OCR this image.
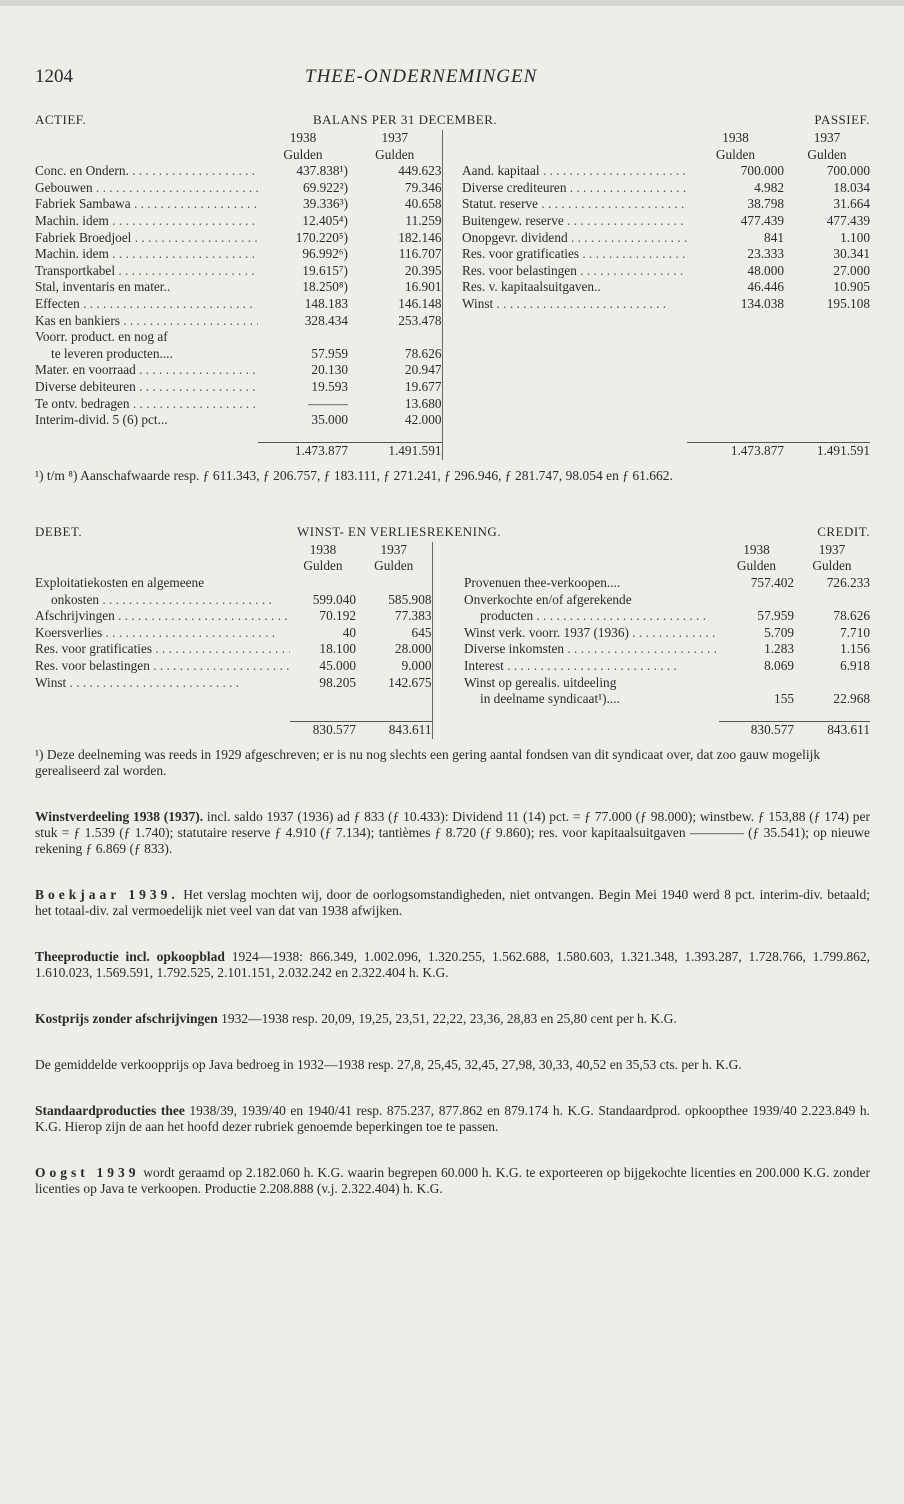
1204	THEE-ONDERNEMINGEN
ACTIEF.	BALANS PER 31 DECEMBER.	PASSIEF.
	1938	1937			1938	1937
	Gulden	Gulden			Gulden	Gulden
Conc. en Ondern. . . .	437.838¹)	449.623		Aand. kapitaal . . .	700.000	700.000
Gebouwen . . .	69.922²)	79.346		Diverse crediteuren . . .	4.982	18.034
Fabriek Sambawa . . .	39.336³)	40.658		Statut. reserve . . .	38.798	31.664
Machin. idem . . .	12.405⁴)	11.259		Buitengew. reserve . . .	477.439	477.439
Fabriek Broedjoel . . .	170.220⁵)	182.146		Onopgevr. dividend . . .	841	1.100
Machin. idem . . .	96.992⁶)	116.707		Res. voor gratificaties . . .	23.333	30.341
Transportkabel . . .	19.615⁷)	20.395		Res. voor belastingen . . .	48.000	27.000
Stal, inventaris en mater..	18.250⁸)	16.901		Res. v. kapitaalsuitgaven..	46.446	10.905
Effecten . . .	148.183	146.148		Winst . . .	134.038	195.108
Kas en bankiers . . .	328.434	253.478				
Voorr. product. en nog af						
te leveren producten....	57.959	78.626				
Mater. en voorraad . . .	20.130	20.947				
Diverse debiteuren . . .	19.593	19.677				
Te ontv. bedragen . . .	———	13.680				
Interim-divid. 5 (6) pct...	35.000	42.000				

	1.473.877	1.491.591			1.473.877	1.491.591
¹) t/m ⁸) Aanschafwaarde resp. ƒ 611.343, ƒ 206.757, ƒ 183.111, ƒ 271.241, ƒ 296.946, ƒ 281.747, 98.054 en ƒ 61.662.
DEBET.	WINST- EN VERLIESREKENING.	CREDIT.
	1938	1937			1938	1937
	Gulden	Gulden			Gulden	Gulden
Exploitatiekosten en algemeene				Provenuen thee-verkoopen....	757.402	726.233
onkosten . . .	599.040	585.908		Onverkochte en/of afgerekende		
Afschrijvingen . . .	70.192	77.383		producten . . .	57.959	78.626
Koersverlies . . .	40	645		Winst verk. voorr. 1937 (1936) . . .	5.709	7.710
Res. voor gratificaties . . .	18.100	28.000		Diverse inkomsten . . .	1.283	1.156
Res. voor belastingen . . .	45.000	9.000		Interest . . .	8.069	6.918
Winst . . .	98.205	142.675		Winst op gerealis. uitdeeling		
				in deelname syndicaat¹)....	155	22.968

	830.577	843.611			830.577	843.611
¹) Deze deelneming was reeds in 1929 afgeschreven; er is nu nog slechts een gering aantal fondsen van dit syndicaat over, dat zoo gauw mogelijk gerealiseerd zal worden.
Winstverdeeling 1938 (1937). incl. saldo 1937 (1936) ad ƒ 833 (ƒ 10.433): Dividend 11 (14) pct. = ƒ 77.000 (ƒ 98.000); winstbew. ƒ 153,88 (ƒ 174) per stuk = ƒ 1.539 (ƒ 1.740); statutaire reserve ƒ 4.910 (ƒ 7.134); tantièmes ƒ 8.720 (ƒ 9.860); res. voor kapitaalsuitgaven ———— (ƒ 35.541); op nieuwe rekening ƒ 6.869 (ƒ 833).
Boekjaar 1939. Het verslag mochten wij, door de oorlogsomstandigheden, niet ontvangen. Begin Mei 1940 werd 8 pct. interim-div. betaald; het totaal-div. zal vermoedelijk niet veel van dat van 1938 afwijken.
Theeproductie incl. opkoopblad 1924—1938: 866.349, 1.002.096, 1.320.255, 1.562.688, 1.580.603, 1.321.348, 1.393.287, 1.728.766, 1.799.862, 1.610.023, 1.569.591, 1.792.525, 2.101.151, 2.032.242 en 2.322.404 h. K.G.
Kostprijs zonder afschrijvingen 1932—1938 resp. 20,09, 19,25, 23,51, 22,22, 23,36, 28,83 en 25,80 cent per h. K.G.
De gemiddelde verkoopprijs op Java bedroeg in 1932—1938 resp. 27,8, 25,45, 32,45, 27,98, 30,33, 40,52 en 35,53 cts. per h. K.G.
Standaardproducties thee 1938/39, 1939/40 en 1940/41 resp. 875.237, 877.862 en 879.174 h. K.G. Standaardprod. opkoopthee 1939/40 2.223.849 h. K.G. Hierop zijn de aan het hoofd dezer rubriek genoemde beperkingen toe te passen.
Oogst 1939 wordt geraamd op 2.182.060 h. K.G. waarin begrepen 60.000 h. K.G. te exporteeren op bijgekochte licenties en 200.000 K.G. zonder licenties op Java te verkoopen. Productie 2.208.888 (v.j. 2.322.404) h. K.G.
